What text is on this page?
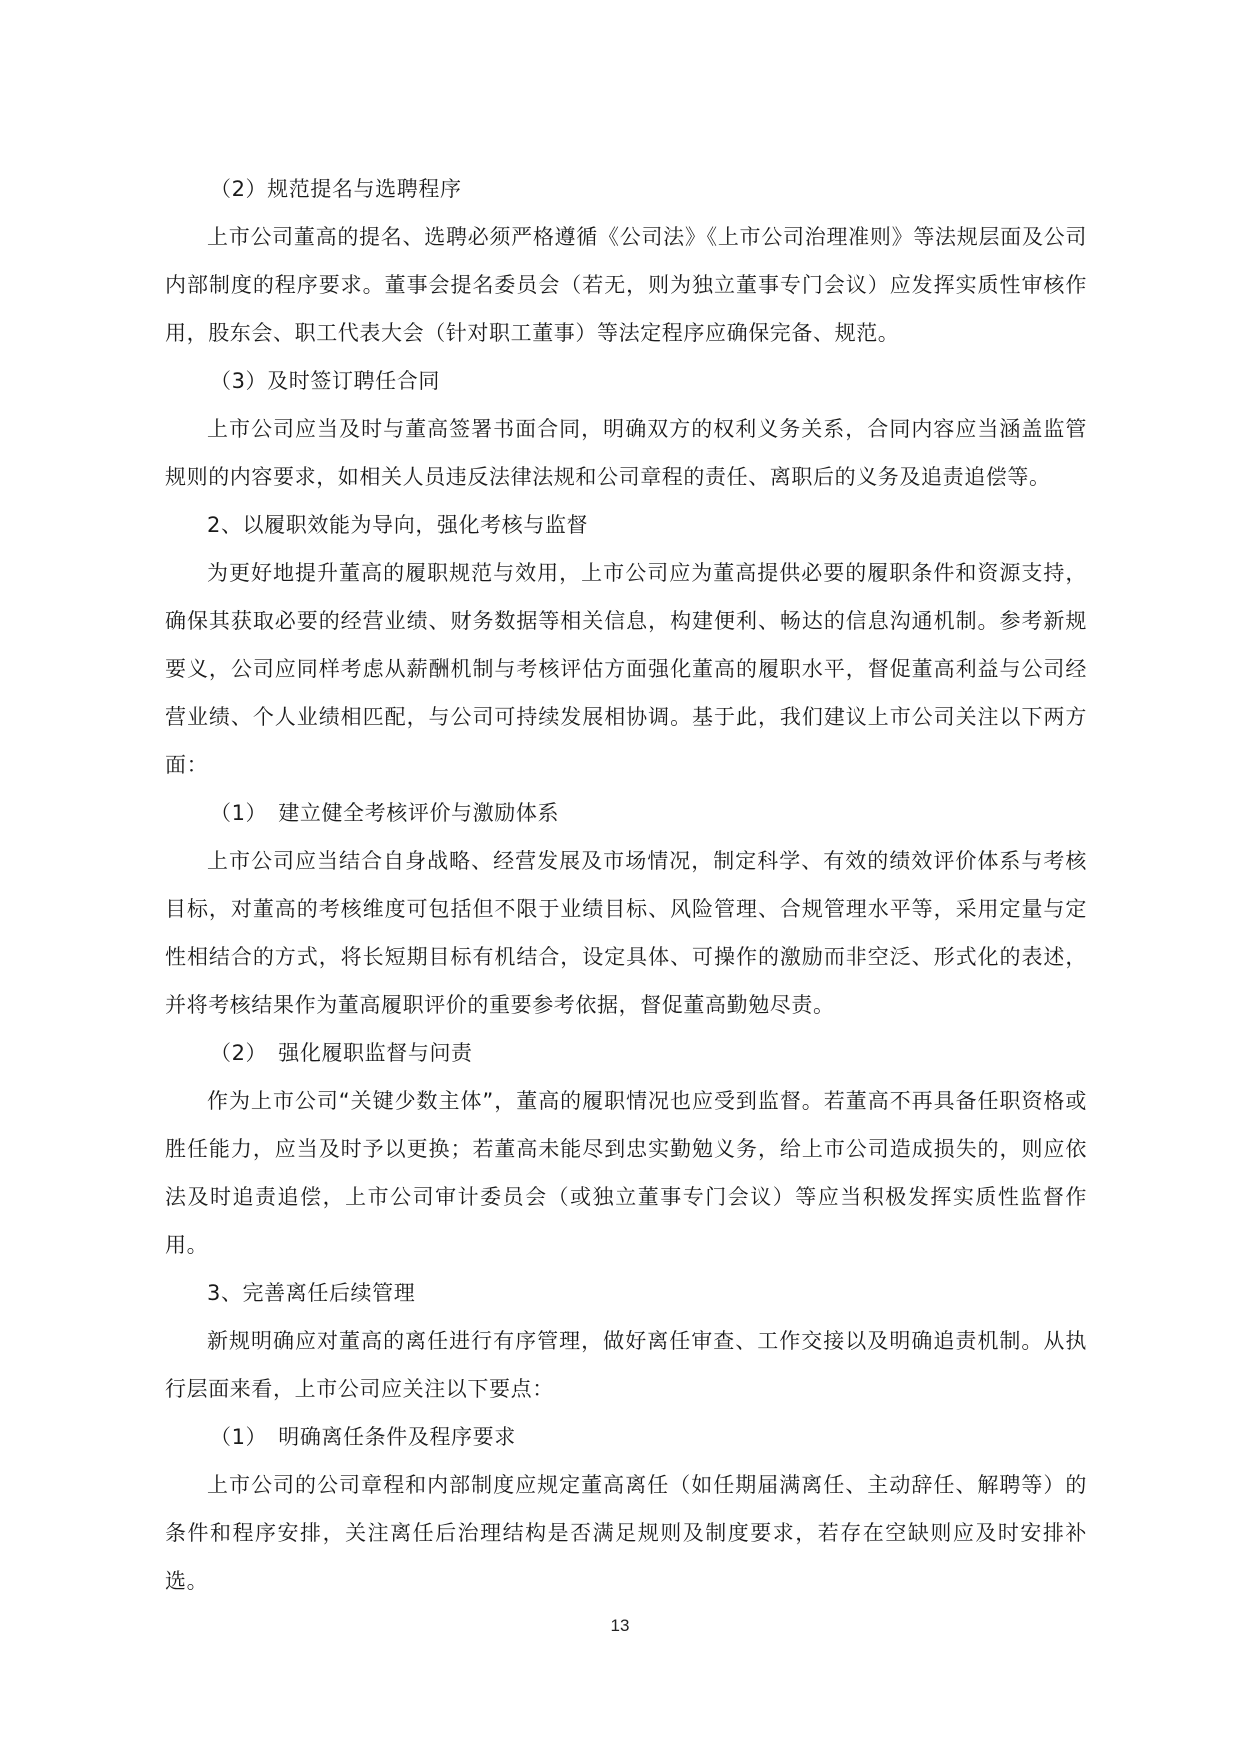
（2）规范提名与选聘程序

上市公司董高的提名、选聘必须严格遵循《公司法》《上市公司治理准则》等法规层面及公司内部制度的程序要求。董事会提名委员会（若无，则为独立董事专门会议）应发挥实质性审核作用，股东会、职工代表大会（针对职工董事）等法定程序应确保完备、规范。

（3）及时签订聘任合同

上市公司应当及时与董高签署书面合同，明确双方的权利义务关系，合同内容应当涵盖监管规则的内容要求，如相关人员违反法律法规和公司章程的责任、离职后的义务及追责追偿等。

2、以履职效能为导向，强化考核与监督

为更好地提升董高的履职规范与效用，上市公司应为董高提供必要的履职条件和资源支持，确保其获取必要的经营业绩、财务数据等相关信息，构建便利、畅达的信息沟通机制。参考新规要义，公司应同样考虑从薪酬机制与考核评估方面强化董高的履职水平，督促董高利益与公司经营业绩、个人业绩相匹配，与公司可持续发展相协调。基于此，我们建议上市公司关注以下两方面：

（1）　建立健全考核评价与激励体系

上市公司应当结合自身战略、经营发展及市场情况，制定科学、有效的绩效评价体系与考核目标，对董高的考核维度可包括但不限于业绩目标、风险管理、合规管理水平等，采用定量与定性相结合的方式，将长短期目标有机结合，设定具体、可操作的激励而非空泛、形式化的表述，并将考核结果作为董高履职评价的重要参考依据，督促董高勤勉尽责。

（2）　强化履职监督与问责

作为上市公司“关键少数主体”，董高的履职情况也应受到监督。若董高不再具备任职资格或胜任能力，应当及时予以更换；若董高未能尽到忠实勤勉义务，给上市公司造成损失的，则应依法及时追责追偿，上市公司审计委员会（或独立董事专门会议）等应当积极发挥实质性监督作用。

3、完善离任后续管理

新规明确应对董高的离任进行有序管理，做好离任审查、工作交接以及明确追责机制。从执行层面来看，上市公司应关注以下要点：

（1）　明确离任条件及程序要求

上市公司的公司章程和内部制度应规定董高离任（如任期届满离任、主动辞任、解聘等）的条件和程序安排，关注离任后治理结构是否满足规则及制度要求，若存在空缺则应及时安排补选。

13
